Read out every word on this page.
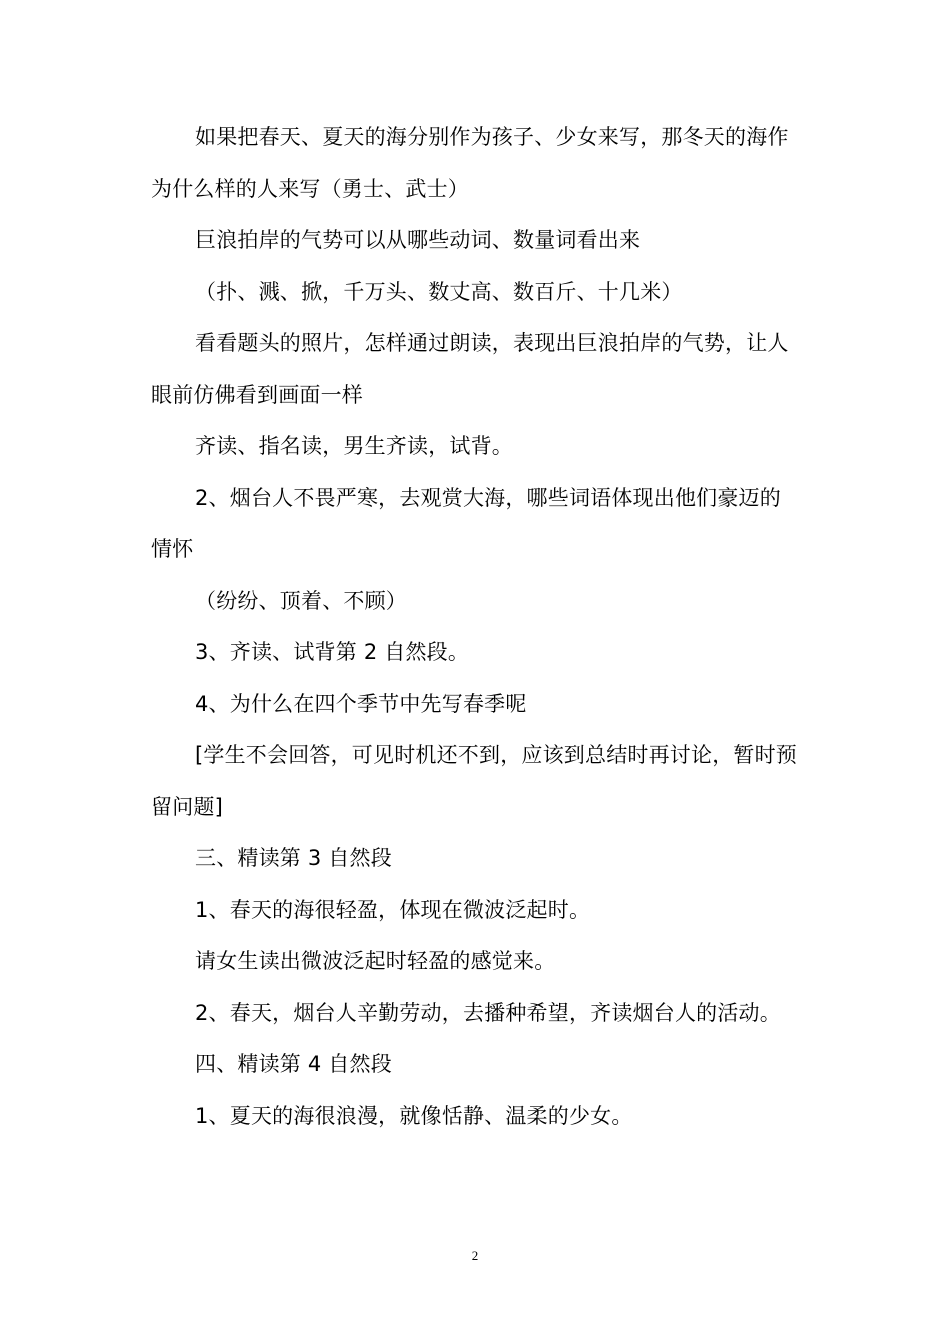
如果把春天、夏天的海分别作为孩子、少女来写，那冬天的海作为什么样的人来写（勇士、武士）

巨浪拍岸的气势可以从哪些动词、数量词看出来

（扑、溅、掀，千万头、数丈高、数百斤、十几米）

看看题头的照片，怎样通过朗读，表现出巨浪拍岸的气势，让人眼前仿佛看到画面一样

齐读、指名读，男生齐读，试背。

2、烟台人不畏严寒，去观赏大海，哪些词语体现出他们豪迈的情怀

（纷纷、顶着、不顾）

3、齐读、试背第 2 自然段。

4、为什么在四个季节中先写春季呢

[学生不会回答，可见时机还不到，应该到总结时再讨论，暂时预留问题]

三、精读第 3 自然段

1、春天的海很轻盈，体现在微波泛起时。

请女生读出微波泛起时轻盈的感觉来。

2、春天，烟台人辛勤劳动，去播种希望，齐读烟台人的活动。

四、精读第 4 自然段

1、夏天的海很浪漫，就像恬静、温柔的少女。

2
